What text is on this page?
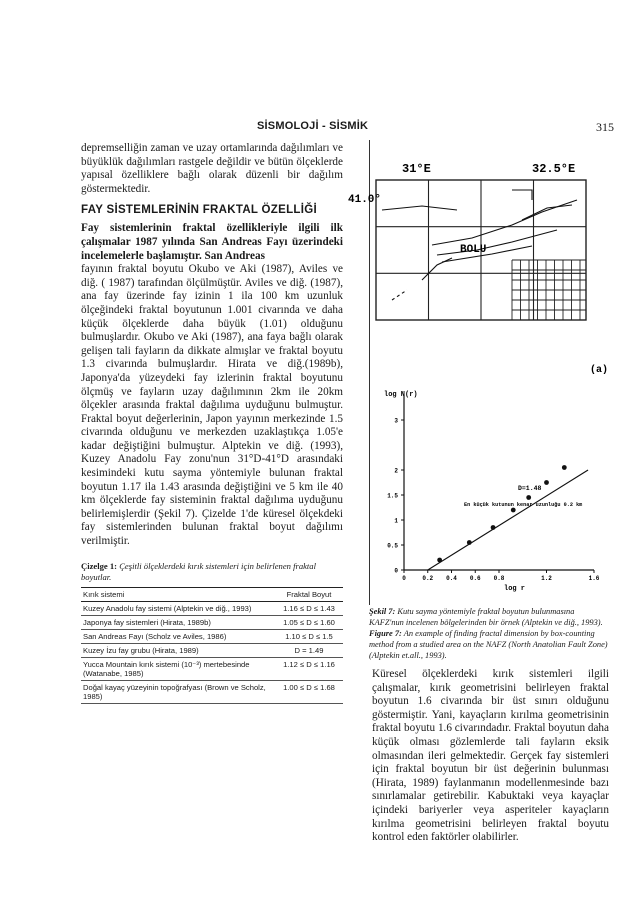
SİSMOLOJİ - SİSMİK	315

depremselliğin zaman ve uzay ortamlarında dağılımları ve büyüklük dağılımları rastgele değildir ve bütün ölçeklerde yapısal özelliklere bağlı olarak düzenli bir dağılım göstermektedir.

FAY SİSTEMLERİNİN FRAKTAL ÖZELLİĞİ

Fay sistemlerinin fraktal özellikleriyle ilgili ilk çalışmalar 1987 yılında San Andreas Fayı üzerindeki incelemelerle başlamıştır. San Andreas

fayının fraktal boyutu Okubo ve Aki (1987), Aviles ve diğ. ( 1987) tarafından ölçülmüştür. Aviles ve diğ. (1987), ana fay üzerinde fay izinin 1 ila 100 km uzunluk ölçeğindeki fraktal boyutunun 1.001 civarında ve daha küçük ölçeklerde daha büyük (1.01) olduğunu bulmuşlardır. Okubo ve Aki (1987), ana faya bağlı olarak gelişen tali fayların da dikkate almışlar ve fraktal boyutu 1.3 civarında bulmuşlardır. Hirata ve diğ.(1989b), Japonya'da yüzeydeki fay izlerinin fraktal boyutunu ölçmüş ve fayların uzay dağılımının 2km ile 20km ölçekler arasında fraktal dağılıma uyduğunu bulmuştur. Fraktal boyut değerlerinin, Japon yayının merkezinde 1.5 civarında olduğunu ve merkezden uzaklaştıkça 1.05'e kadar değiştiğini bulmuştur. Alptekin ve diğ. (1993), Kuzey Anadolu Fay zonu'nun 31°D-41°D arasındaki kesimindeki kutu sayma yöntemiyle bulunan fraktal boyutun 1.17 ila 1.43 arasında değiştiğini ve 5 km ile 40 km ölçeklerde fay sisteminin fraktal dağılıma uyduğunu belirlemişlerdir (Şekil 7). Çizelde 1'de küresel ölçekdeki fay sistemlerinden bulunan fraktal boyut dağılımı verilmiştir.

Çizelge 1: Çeşitli ölçeklerdeki kırık sistemleri için belirlenen fraktal boyutlar.
Kırık sistemi	Fraktal Boyut
Kuzey Anadolu fay sistemi (Alptekin ve diğ., 1993)	1.16 ≤ D ≤ 1.43
Japonya fay sistemleri (Hirata, 1989b)	1.05 ≤ D ≤ 1.60
San Andreas Fayı (Scholz ve Aviles, 1986)	1.10 ≤ D ≤ 1.5
Kuzey İzu fay grubu (Hirata, 1989)	D = 1.49
Yucca Mountain kırık sistemi (10⁻³) mertebesinde (Watanabe, 1985)	1.12 ≤ D ≤ 1.16
Doğal kayaç yüzeyinin topoğrafyası (Brown ve Scholz, 1985)	1.00 ≤ D ≤ 1.68
31°E	32.5°E
41.0°
BOLU
(a)
log N(r)
log r
0
0.5
1
1.5
2
3
0	0.2 0.4 0.6 0.8	1.2	1.6
D=1.48
En küçük kutunun kenar uzunluğu 0.2 km
Şekil 7: Kutu sayma yöntemiyle fraktal boyutun bulunmasına KAFZ'nun incelenen bölgelerinden bir örnek (Alptekin ve diğ., 1993).
Figure 7: An example of finding fractal dimension by box-counting method from a studied area on the NAFZ (North Anatolian Fault Zone) (Alptekin et.all., 1993).

Küresel ölçeklerdeki kırık sistemleri ilgili çalışmalar, kırık geometrisini belirleyen fraktal boyutun 1.6 civarında bir üst sınırı olduğunu göstermiştir. Yani, kayaçların kırılma geometrisinin fraktal boyutu 1.6 civarındadır. Fraktal boyutun daha küçük olması gözlemlerde tali fayların eksik olmasından ileri gelmektedir. Gerçek fay sistemleri için fraktal boyutun bir üst değerinin bulunması (Hirata, 1989) faylanmanın modellenmesinde bazı sınırlamalar getirebilir. Kabuktaki veya kayaçlar içindeki bariyerler veya asperiteler kayaçların kırılma geometrisini belirleyen fraktal boyutu kontrol eden faktörler olabilirler.
